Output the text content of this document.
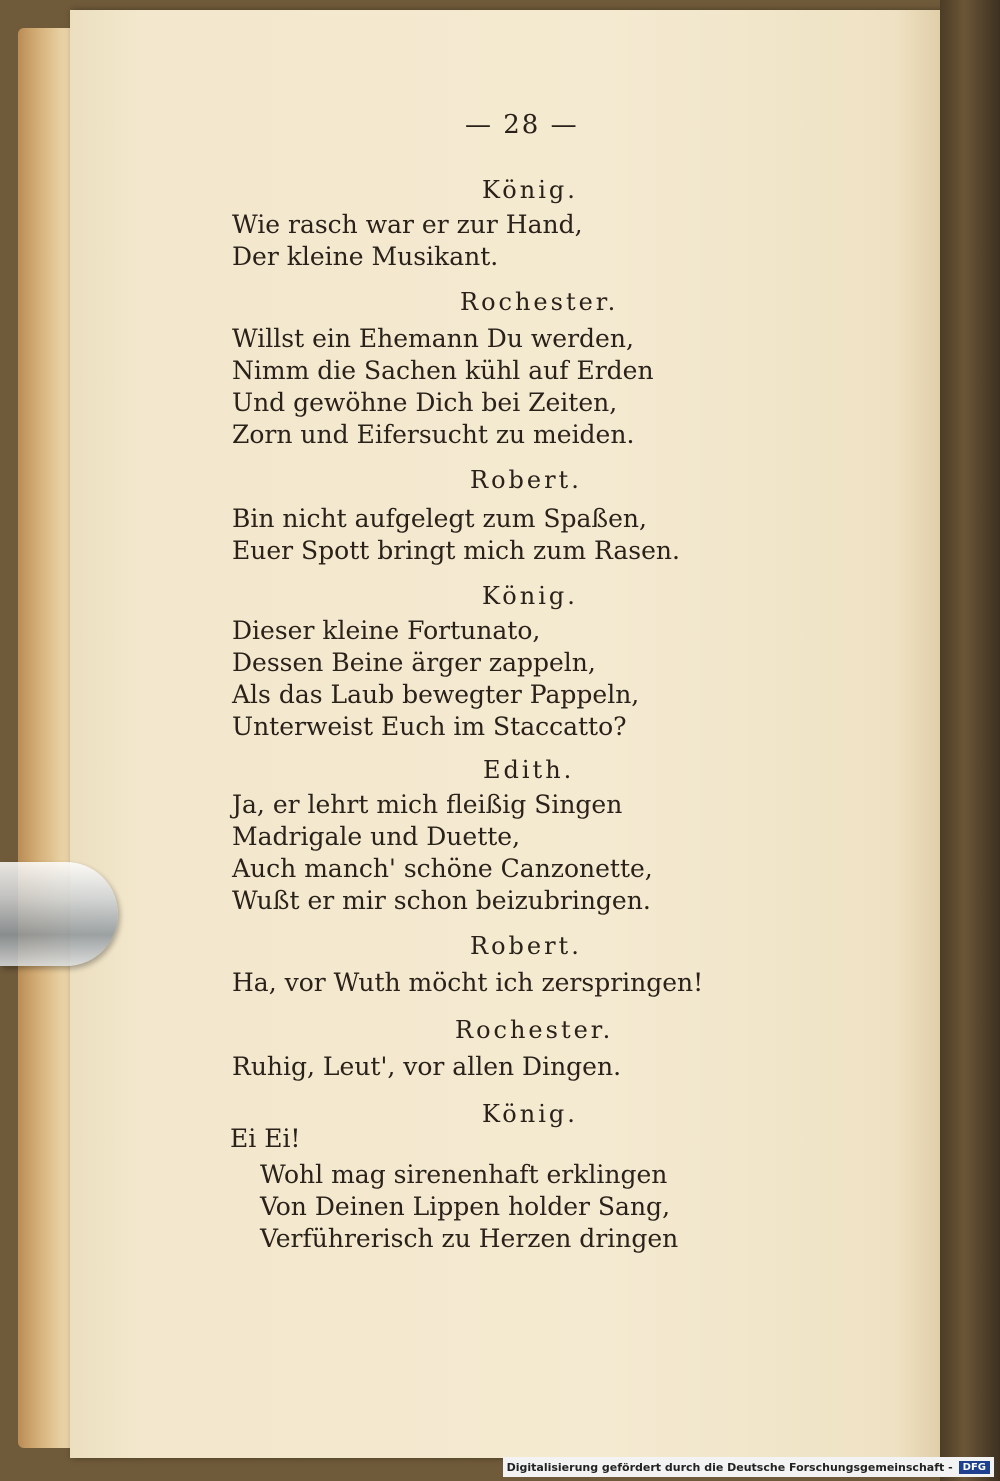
— 28 —
König.
Wie rasch war er zur Hand,
Der kleine Musikant.
Rochester.
Willst ein Ehemann Du werden,
Nimm die Sachen kühl auf Erden
Und gewöhne Dich bei Zeiten,
Zorn und Eifersucht zu meiden.
Robert.
Bin nicht aufgelegt zum Spaßen,
Euer Spott bringt mich zum Rasen.
König.
Dieser kleine Fortunato,
Dessen Beine ärger zappeln,
Als das Laub bewegter Pappeln,
Unterweist Euch im Staccatto?
Edith.
Ja, er lehrt mich fleißig Singen
Madrigale und Duette,
Auch manch' schöne Canzonette,
Wußt er mir schon beizubringen.
Robert.
Ha, vor Wuth möcht ich zerspringen!
Rochester.
Ruhig, Leut', vor allen Dingen.
König.
Ei Ei!
Wohl mag sirenenhaft erklingen
Von Deinen Lippen holder Sang,
Verführerisch zu Herzen dringen
Digitalisierung gefördert durch die Deutsche Forschungsgemeinschaft -	DFG
